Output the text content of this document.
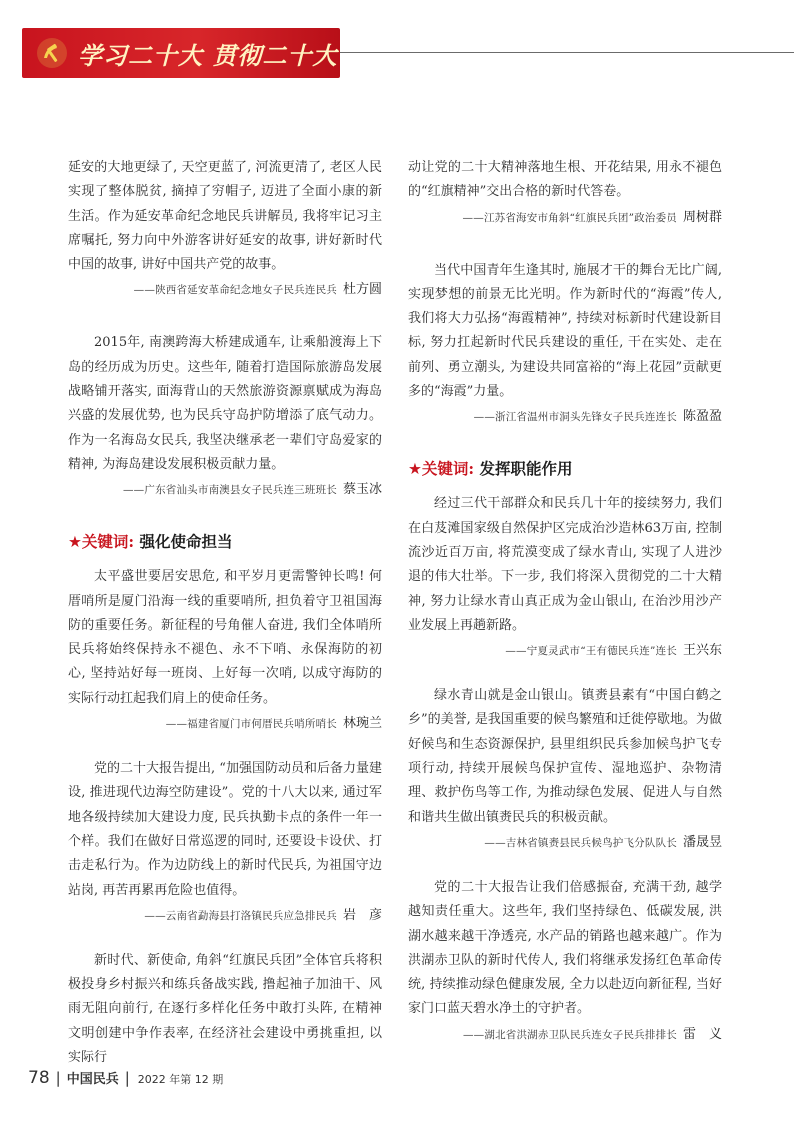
学习二十大 贯彻二十大

延安的大地更绿了, 天空更蓝了, 河流更清了, 老区人民实现了整体脱贫, 摘掉了穷帽子, 迈进了全面小康的新生活。作为延安革命纪念地民兵讲解员, 我将牢记习主席嘱托, 努力向中外游客讲好延安的故事, 讲好新时代中国的故事, 讲好中国共产党的故事。

——陕西省延安革命纪念地女子民兵连民兵 杜方圆

2015年, 南澳跨海大桥建成通车, 让乘船渡海上下岛的经历成为历史。这些年, 随着打造国际旅游岛发展战略铺开落实, 面海背山的天然旅游资源禀赋成为海岛兴盛的发展优势, 也为民兵守岛护防增添了底气动力。作为一名海岛女民兵, 我坚决继承老一辈们守岛爱家的精神, 为海岛建设发展积极贡献力量。

——广东省汕头市南澳县女子民兵连三班班长 蔡玉冰
★关键词: 强化使命担当

太平盛世要居安思危, 和平岁月更需警钟长鸣! 何厝哨所是厦门沿海一线的重要哨所, 担负着守卫祖国海防的重要任务。新征程的号角催人奋进, 我们全体哨所民兵将始终保持永不褪色、永不下哨、永保海防的初心, 坚持站好每一班岗、上好每一次哨, 以成守海防的实际行动扛起我们肩上的使命任务。

——福建省厦门市何厝民兵哨所哨长 林琬兰

党的二十大报告提出, “加强国防动员和后备力量建设, 推进现代边海空防建设”。党的十八大以来, 通过军地各级持续加大建设力度, 民兵执勤卡点的条件一年一个样。我们在做好日常巡逻的同时, 还要设卡设伏、打击走私行为。作为边防线上的新时代民兵, 为祖国守边站岗, 再苦再累再危险也值得。

——云南省勐海县打洛镇民兵应急排民兵 岩　彦

新时代、新使命, 角斜“红旗民兵团”全体官兵将积极投身乡村振兴和练兵备战实践, 撸起袖子加油干、风雨无阻向前行, 在逐行多样化任务中敢打头阵, 在精神文明创建中争作表率, 在经济社会建设中勇挑重担, 以实际行

动让党的二十大精神落地生根、开花结果, 用永不褪色的“红旗精神”交出合格的新时代答卷。

——江苏省海安市角斜“红旗民兵团”政治委员 周树群

当代中国青年生逢其时, 施展才干的舞台无比广阔, 实现梦想的前景无比光明。作为新时代的“海霞”传人, 我们将大力弘扬“海霞精神”, 持续对标新时代建设新目标, 努力扛起新时代民兵建设的重任, 干在实处、走在前列、勇立潮头, 为建设共同富裕的“海上花园”贡献更多的“海霞”力量。

——浙江省温州市洞头先锋女子民兵连连长 陈盈盈
★关键词: 发挥职能作用

经过三代干部群众和民兵几十年的接续努力, 我们在白芨滩国家级自然保护区完成治沙造林63万亩, 控制流沙近百万亩, 将荒漠变成了绿水青山, 实现了人进沙退的伟大壮举。下一步, 我们将深入贯彻党的二十大精神, 努力让绿水青山真正成为金山银山, 在治沙用沙产业发展上再趟新路。

——宁夏灵武市“王有德民兵连”连长 王兴东

绿水青山就是金山银山。镇赉县素有“中国白鹤之乡”的美誉, 是我国重要的候鸟繁殖和迁徙停歇地。为做好候鸟和生态资源保护, 县里组织民兵参加候鸟护飞专项行动, 持续开展候鸟保护宣传、湿地巡护、杂物清理、救护伤鸟等工作, 为推动绿色发展、促进人与自然和谐共生做出镇赉民兵的积极贡献。

——吉林省镇赉县民兵候鸟护飞分队队长 潘晟昱

党的二十大报告让我们倍感振奋, 充满干劲, 越学越知责任重大。这些年, 我们坚持绿色、低碳发展, 洪湖水越来越干净透亮, 水产品的销路也越来越广。作为洪湖赤卫队的新时代传人, 我们将继承发扬红色革命传统, 持续推动绿色健康发展, 全力以赴迈向新征程, 当好家门口蓝天碧水净土的守护者。

——湖北省洪湖赤卫队民兵连女子民兵排排长 雷　义
78 | 中国民兵 | 2022 年第 12 期
